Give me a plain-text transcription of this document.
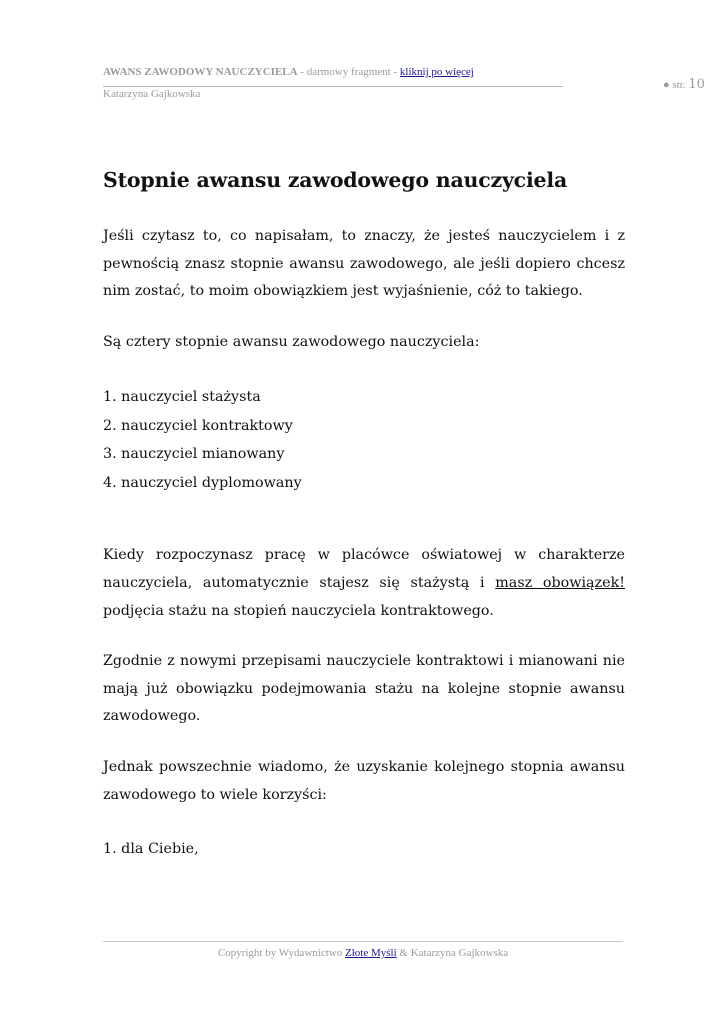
AWANS ZAWODOWY NAUCZYCIELA - darmowy fragment - kliknij po więcej
Katarzyna Gajkowska
● str. 10
Stopnie awansu zawodowego nauczyciela

Jeśli czytasz to, co napisałam, to znaczy, że jesteś nauczycielem i z pewnością znasz stopnie awansu zawodowego, ale jeśli dopiero chcesz nim zostać, to moim obowiązkiem jest wyjaśnienie, cóż to takiego.

Są cztery stopnie awansu zawodowego nauczyciela:

1. nauczyciel stażysta
2. nauczyciel kontraktowy
3. nauczyciel mianowany
4. nauczyciel dyplomowany

Kiedy rozpoczynasz pracę w placówce oświatowej w charakterze nauczyciela, automatycznie stajesz się stażystą i masz obowiązek! podjęcia stażu na stopień nauczyciela kontraktowego.

Zgodnie z nowymi przepisami nauczyciele kontraktowi i mianowani nie mają już obowiązku podejmowania stażu na kolejne stopnie awansu zawodowego.

Jednak powszechnie wiadomo, że uzyskanie kolejnego stopnia awansu zawodowego to wiele korzyści:

1. dla Ciebie,

Copyright by Wydawnictwo Złote Myśli & Katarzyna Gajkowska
